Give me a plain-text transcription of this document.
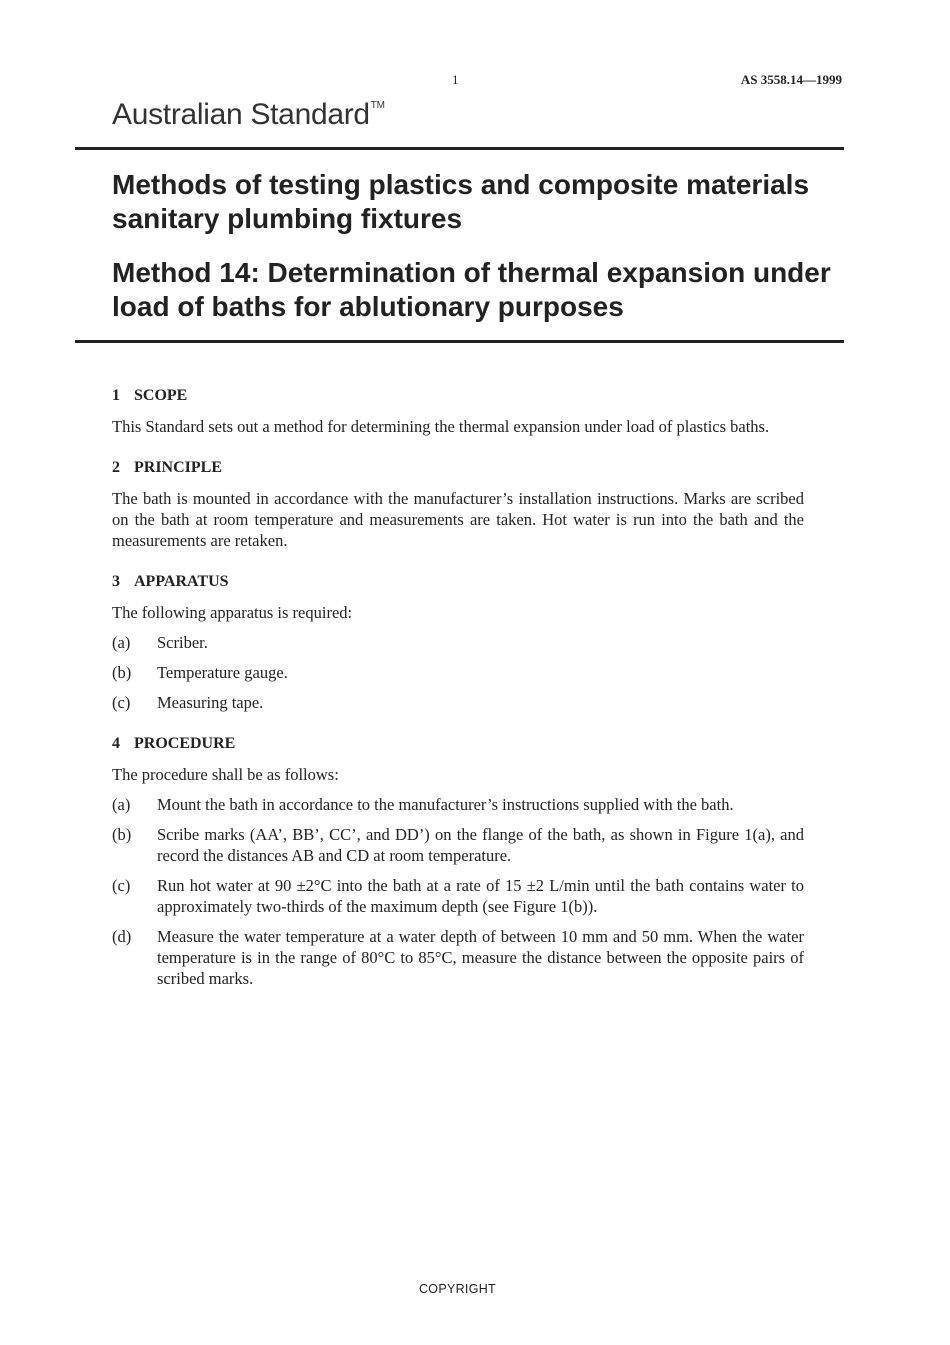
1	AS 3558.14—1999
Australian Standard™
Methods of testing plastics and composite materials sanitary plumbing fixtures
Method 14: Determination of thermal expansion under load of baths for ablutionary purposes
1 SCOPE

This Standard sets out a method for determining the thermal expansion under load of plastics baths.

2 PRINCIPLE

The bath is mounted in accordance with the manufacturer’s installation instructions. Marks are scribed on the bath at room temperature and measurements are taken. Hot water is run into the bath and the measurements are retaken.

3 APPARATUS

The following apparatus is required:

(a)	Scriber.
(b)	Temperature gauge.
(c)	Measuring tape.
4 PROCEDURE

The procedure shall be as follows:

(a)	Mount the bath in accordance to the manufacturer’s instructions supplied with the bath.
(b)	Scribe marks (AA’, BB’, CC’, and DD’) on the flange of the bath, as shown in Figure 1(a), and record the distances AB and CD at room temperature.
(c)	Run hot water at 90 ±2°C into the bath at a rate of 15 ±2 L/min until the bath contains water to approximately two-thirds of the maximum depth (see Figure 1(b)).
(d)	Measure the water temperature at a water depth of between 10 mm and 50 mm. When the water temperature is in the range of 80°C to 85°C, measure the distance between the opposite pairs of scribed marks.
COPYRIGHT
